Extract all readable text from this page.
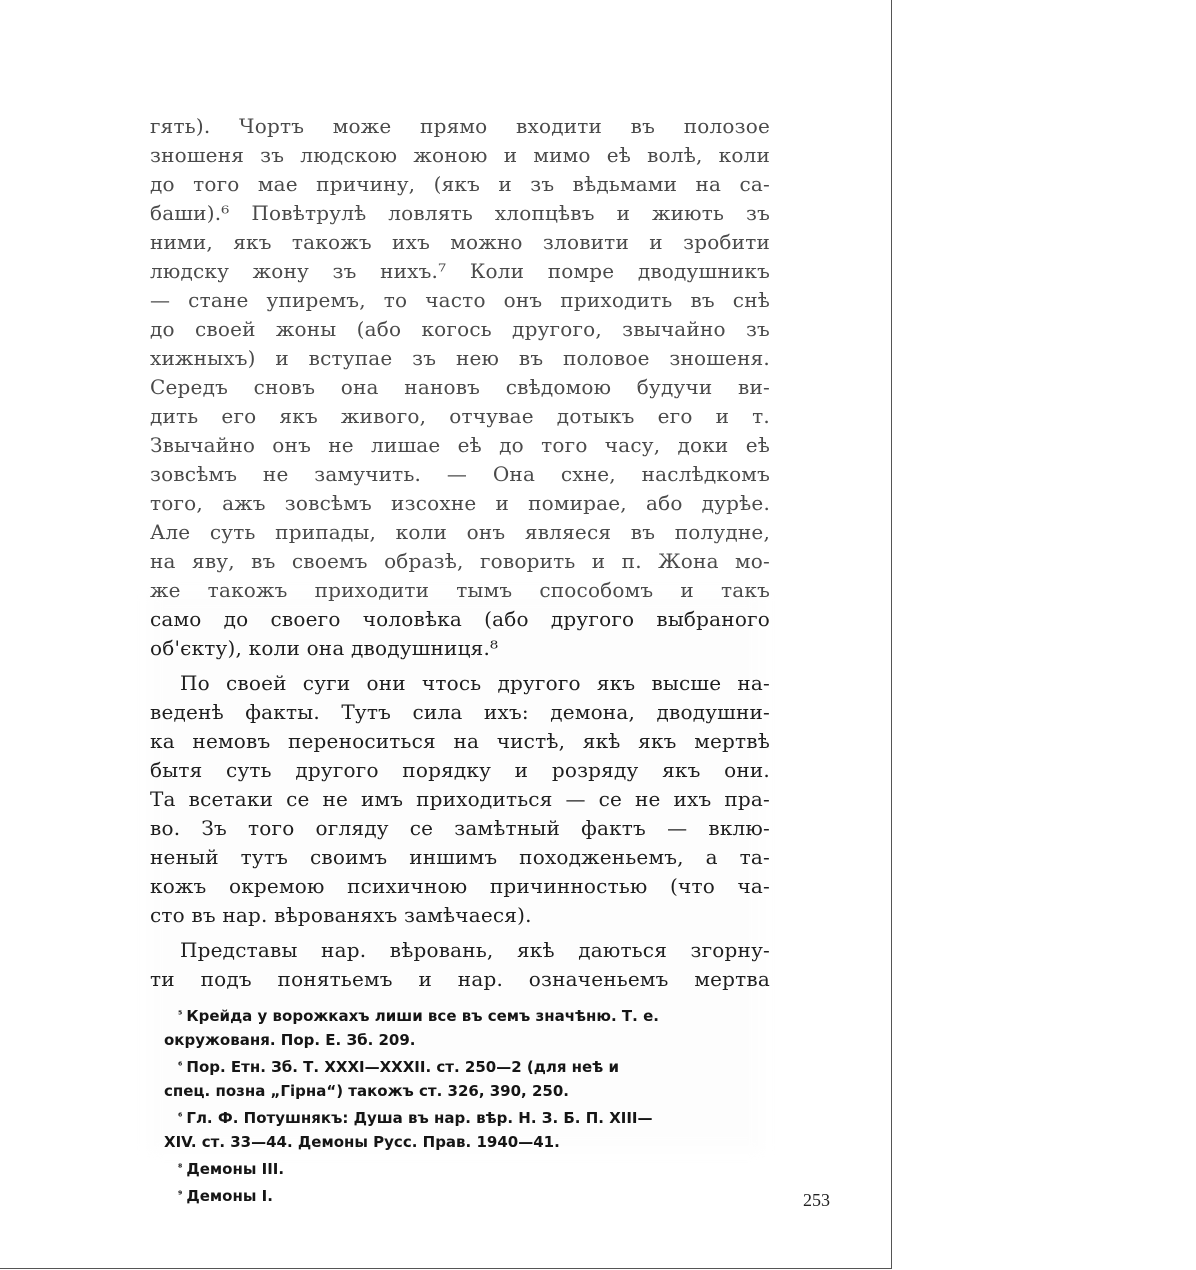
гять). Чортъ може прямо входити въ полозое
зношеня зъ людскою жоною и мимо еѣ волѣ, коли
до того мае причину, (якъ и зъ вѣдьмами на са-
баши).⁶ Повѣтрулѣ ловлять хлопцѣвъ и жиють зъ
ними, якъ такожъ ихъ можно зловити и зробити
людску жону зъ нихъ.⁷ Коли помре дводушникъ
— стане упиремъ, то часто онъ приходить въ снѣ
до своей жоны (або когось другого, звычайно зъ
хижныхъ) и вступае зъ нею въ половое зношеня.
Середъ сновъ она нановъ свѣдомою будучи ви-
дить его якъ живого, отчувае дотыкъ его и т.
Звычайно онъ не лишае еѣ до того часу, доки еѣ
зовсѣмъ не замучить. — Она схне, наслѣдкомъ
того, ажъ зовсѣмъ изсохне и помирае, або дурѣе.
Але суть припады, коли онъ являеся въ полудне,
на яву, въ своемъ образѣ, говорить и п. Жона мо-
же такожъ приходити тымъ способомъ и такъ
само до своего чоловѣка (або другого выбраного
об'єкту), коли она дводушниця.⁸
По своей суги они чтось другого якъ высше на-
веденѣ факты. Тутъ сила ихъ: демона, дводушни-
ка немовъ переноситься на чистѣ, якѣ якъ мертвѣ
бытя суть другого порядку и розряду якъ они.
Та всетаки се не имъ приходиться — се не ихъ пра-
во. Зъ того огляду се замѣтный фактъ — вклю-
неный тутъ своимъ иншимъ походженьемъ, а та-
кожъ окремою психичною причинностью (что ча-
сто въ нар. вѣрованяхъ замѣчаеся).
Представы нар. вѣровань, якѣ даються згорну-
ти подъ понятьемъ и нар. означеньемъ мертва
$^{^5}$ Крейда у ворожкахъ лиши все въ семъ значѣню. Т. е.
окружованя. Пор. Е. Зб. 209.
$^{^6}$ Пор. Етн. Зб. Т. XXXI—XXXII. ст. 250—2 (для неѣ и
спец. позна „Гірна“) такожъ ст. 326, 390, 250.
$^{^6}$ Гл. Ф. Потушнякъ: Душа въ нар. вѣр. Н. З. Б. П. XIII—
XIV. ст. 33—44. Демоны Русс. Прав. 1940—41.
$^{^8}$ Демоны III.
$^{^9}$ Демоны I.	253
